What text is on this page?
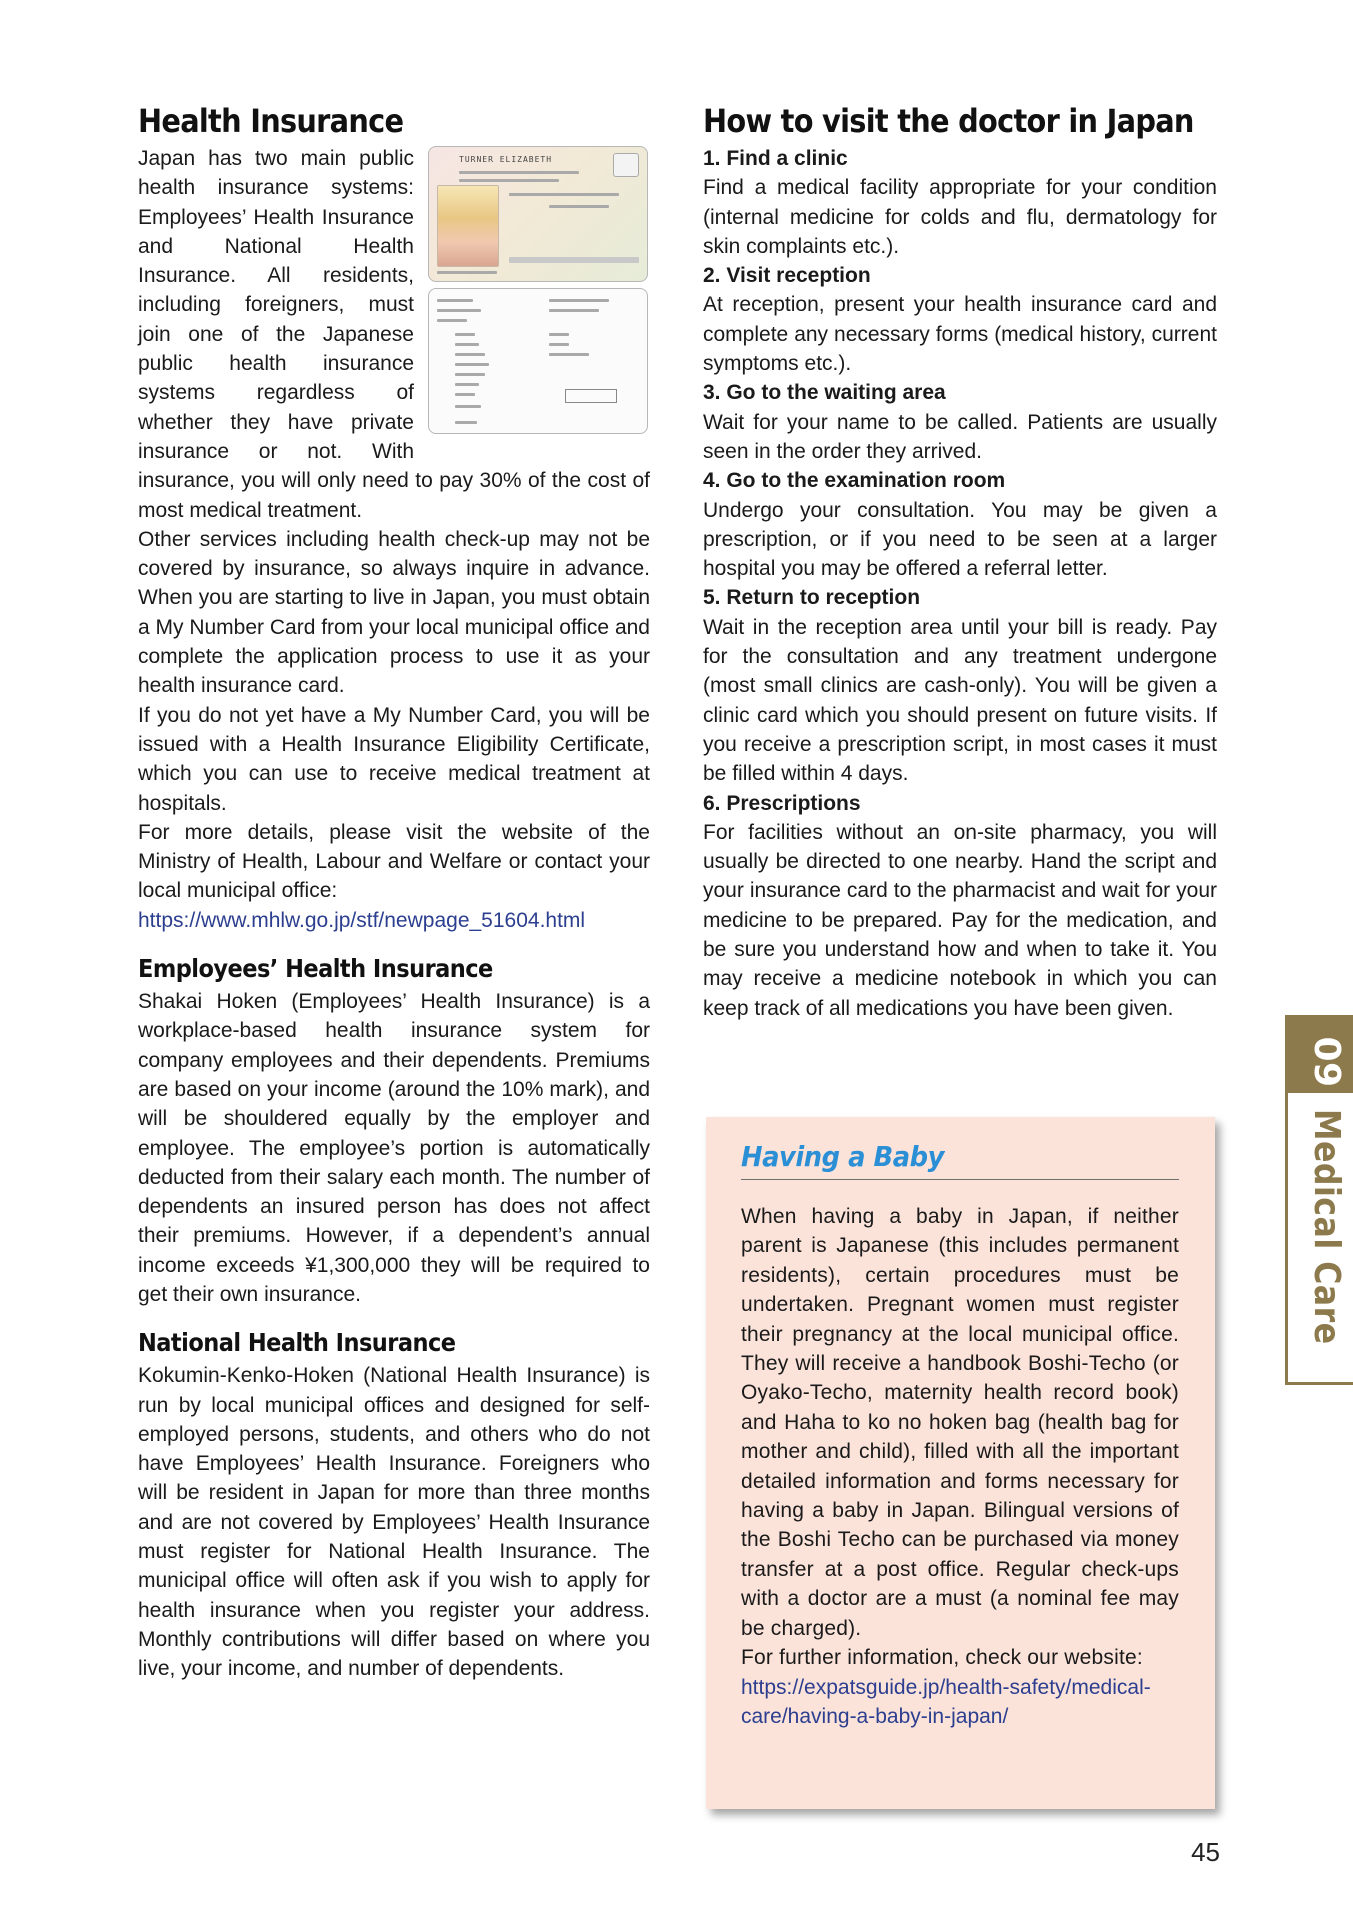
Health Insurance
TURNER ELIZABETH

Japan has two main public health insurance systems: Employees’ Health Insurance and National Health Insurance. All residents, including foreigners, must join one of the Japanese public health insurance systems regardless of whether they have private insurance or not. With insurance, you will only need to pay 30% of the cost of most medical treatment.

Other services including health check-up may not be covered by insurance, so always inquire in advance. When you are starting to live in Japan, you must obtain a My Number Card from your local municipal office and complete the application process to use it as your health insurance card.

If you do not yet have a My Number Card, you will be issued with a Health Insurance Eligibility Certificate, which you can use to receive medical treatment at hospitals.

For more details, please visit the website of the Ministry of Health, Labour and Welfare or contact your local municipal office:

https://www.mhlw.go.jp/stf/newpage_51604.html

Employees’ Health Insurance

Shakai Hoken (Employees’ Health Insurance) is a workplace-based health insurance system for company employees and their dependents. Premiums are based on your income (around the 10% mark), and will be shouldered equally by the employer and employee. The employee’s portion is automatically deducted from their salary each month. The number of dependents an insured person has does not affect their premiums. However, if a dependent’s annual income exceeds ¥1,300,000 they will be required to get their own insurance.

National Health Insurance

Kokumin-Kenko-Hoken (National Health Insurance) is run by local municipal offices and designed for self-employed persons, students, and others who do not have Employees’ Health Insurance. Foreigners who will be resident in Japan for more than three months and are not covered by Employees’ Health Insurance must register for National Health Insurance. The municipal office will often ask if you wish to apply for health insurance when you register your address. Monthly contributions will differ based on where you live, your income, and number of dependents.

How to visit the doctor in Japan
1. Find a clinic

Find a medical facility appropriate for your condition (internal medicine for colds and flu, dermatology for skin complaints etc.).

2. Visit reception

At reception, present your health insurance card and complete any necessary forms (medical history, current symptoms etc.).

3. Go to the waiting area

Wait for your name to be called. Patients are usually seen in the order they arrived.

4. Go to the examination room

Undergo your consultation. You may be given a prescription, or if you need to be seen at a larger hospital you may be offered a referral letter.

5. Return to reception

Wait in the reception area until your bill is ready. Pay for the consultation and any treatment undergone (most small clinics are cash-only). You will be given a clinic card which you should present on future visits. If you receive a prescription script, in most cases it must be filled within 4 days.

6. Prescriptions

For facilities without an on-site pharmacy, you will usually be directed to one nearby. Hand the script and your insurance card to the pharmacist and wait for your medicine to be prepared. Pay for the medication, and be sure you understand how and when to take it. You may receive a medicine notebook in which you can keep track of all medications you have been given.

Having a Baby
When having a baby in Japan, if neither parent is Japanese (this includes permanent residents), certain procedures must be undertaken. Pregnant women must register their pregnancy at the local municipal office. They will receive a handbook Boshi-Techo (or Oyako-Techo, maternity health record book) and Haha to ko no hoken bag (health bag for mother and child), filled with all the important detailed information and forms necessary for having a baby in Japan. Bilingual versions of the Boshi Techo can be purchased via money transfer at a post office. Regular check-ups with a doctor are a must (a nominal fee may be charged).
For further information, check our website:
https://expatsguide.jp/health-safety/medical-care/having-a-baby-in-japan/
09Medical Care
45
